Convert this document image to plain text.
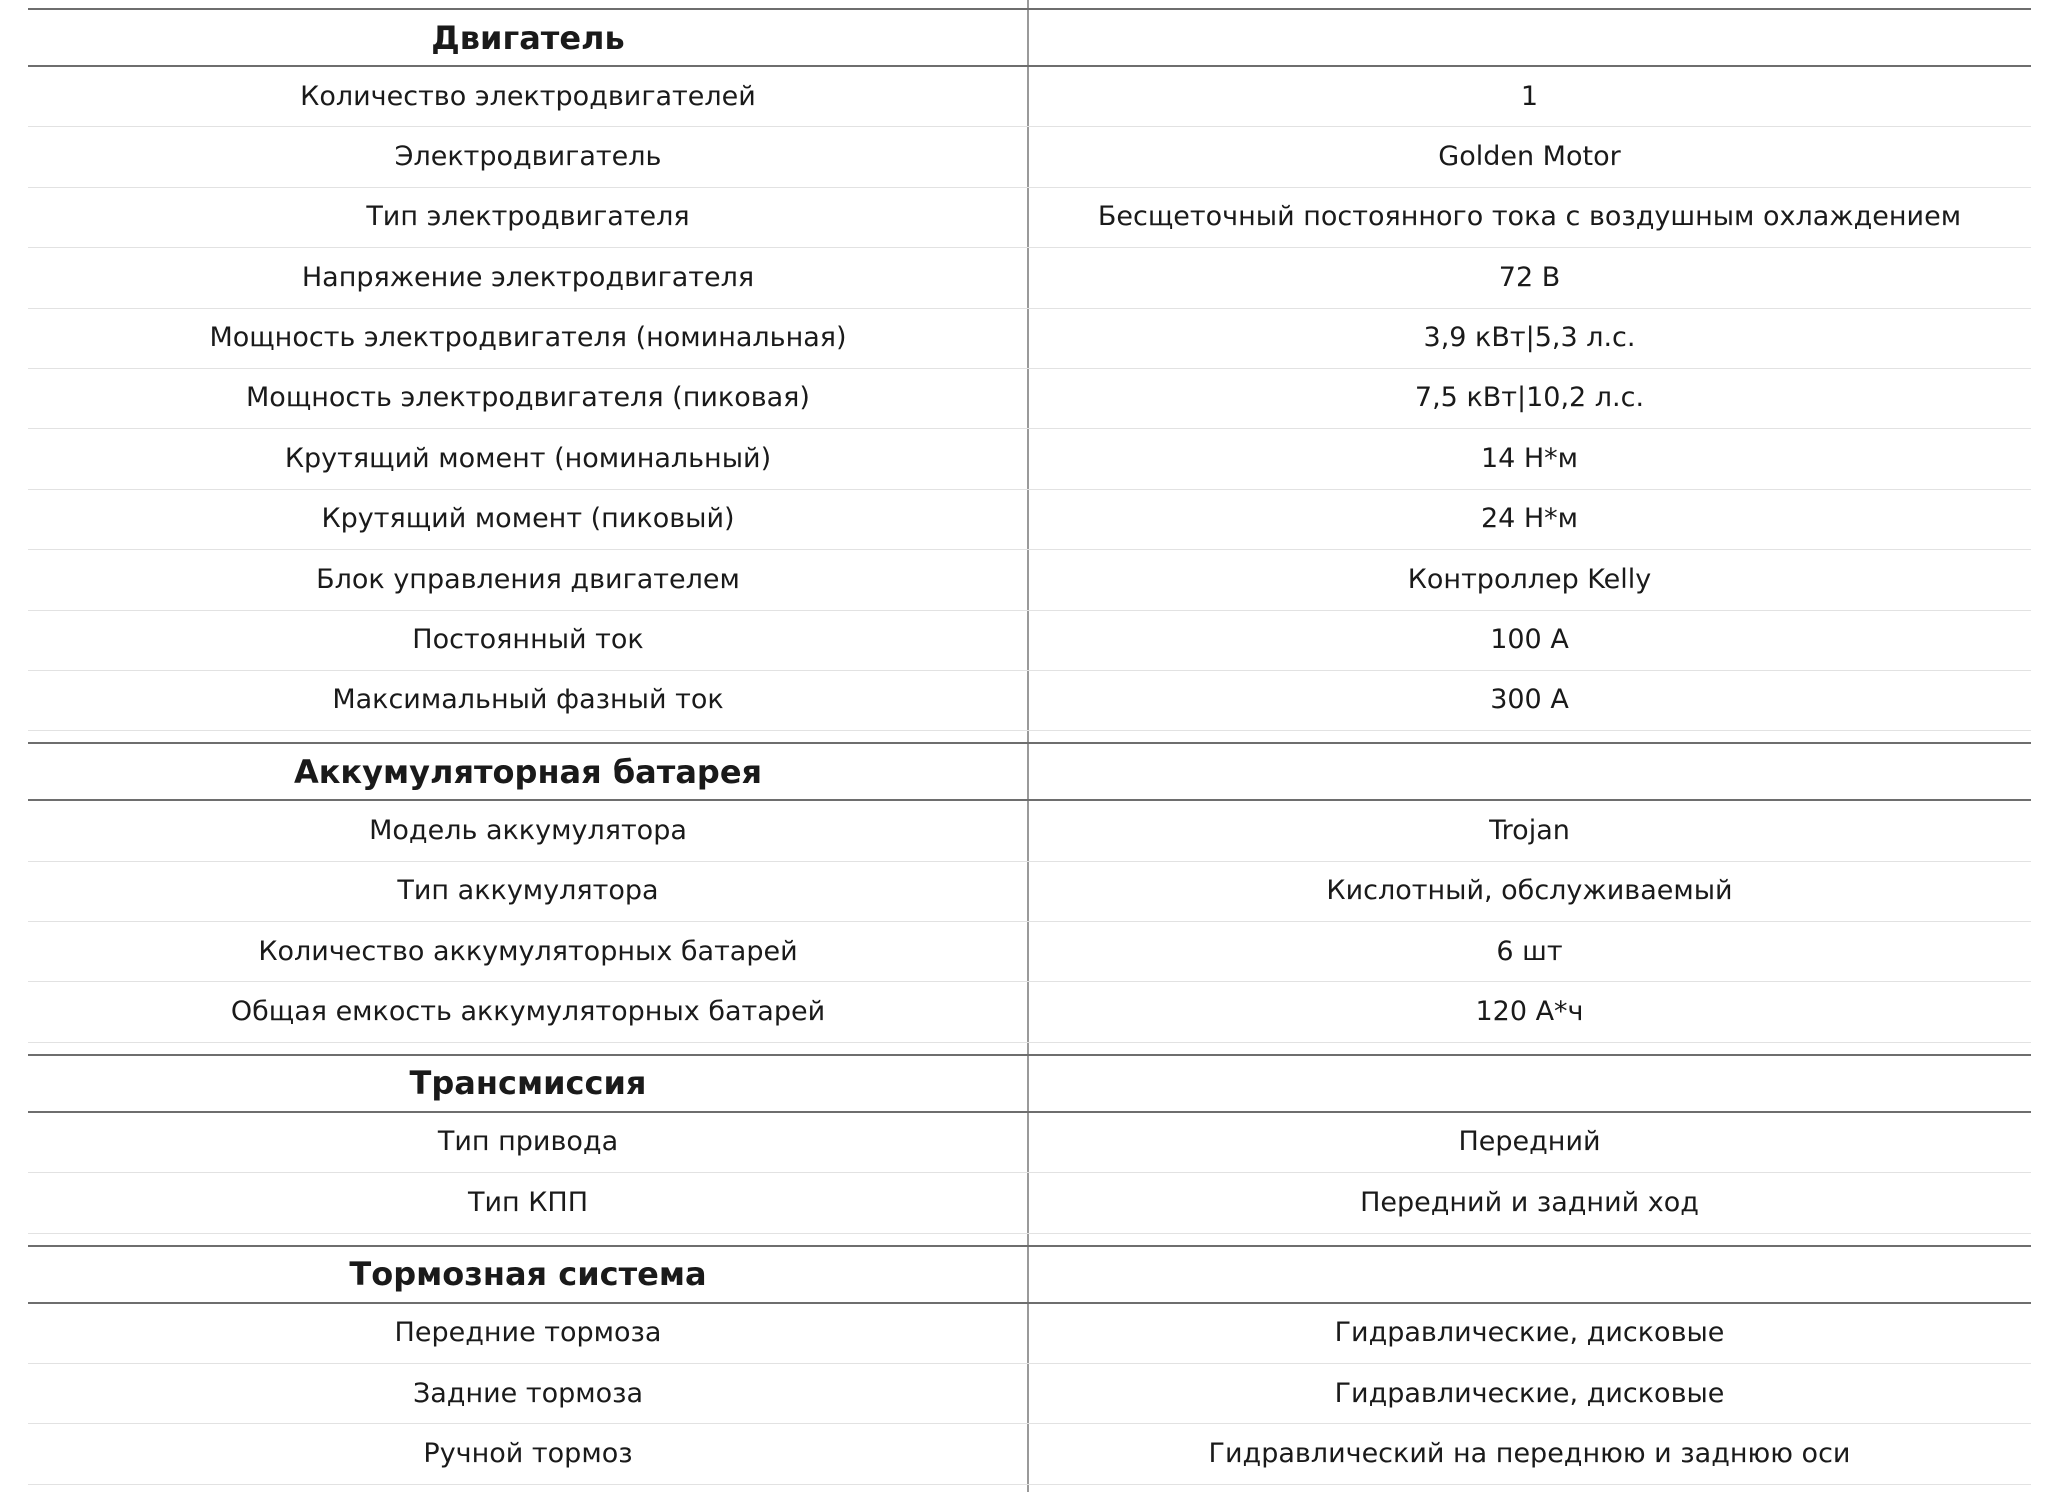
Двигатель
Количество электродвигателей	1
Электродвигатель	Golden Motor
Тип электродвигателя	Бесщеточный постоянного тока с воздушным охлаждением
Напряжение электродвигателя	72 В
Мощность электродвигателя (номинальная)	3,9 кВт|5,3 л.с.
Мощность электродвигателя (пиковая)	7,5 кВт|10,2 л.с.
Крутящий момент (номинальный)	14 Н*м
Крутящий момент (пиковый)	24 Н*м
Блок управления двигателем	Контроллер Kelly
Постоянный ток	100 А
Максимальный фазный ток	300 А
Аккумуляторная батарея
Модель аккумулятора	Trojan
Тип аккумулятора	Кислотный, обслуживаемый
Количество аккумуляторных батарей	6 шт
Общая емкость аккумуляторных батарей	120 А*ч
Трансмиссия
Тип привода	Передний
Тип КПП	Передний и задний ход
Тормозная система
Передние тормоза	Гидравлические, дисковые
Задние тормоза	Гидравлические, дисковые
Ручной тормоз	Гидравлический на переднюю и заднюю оси
